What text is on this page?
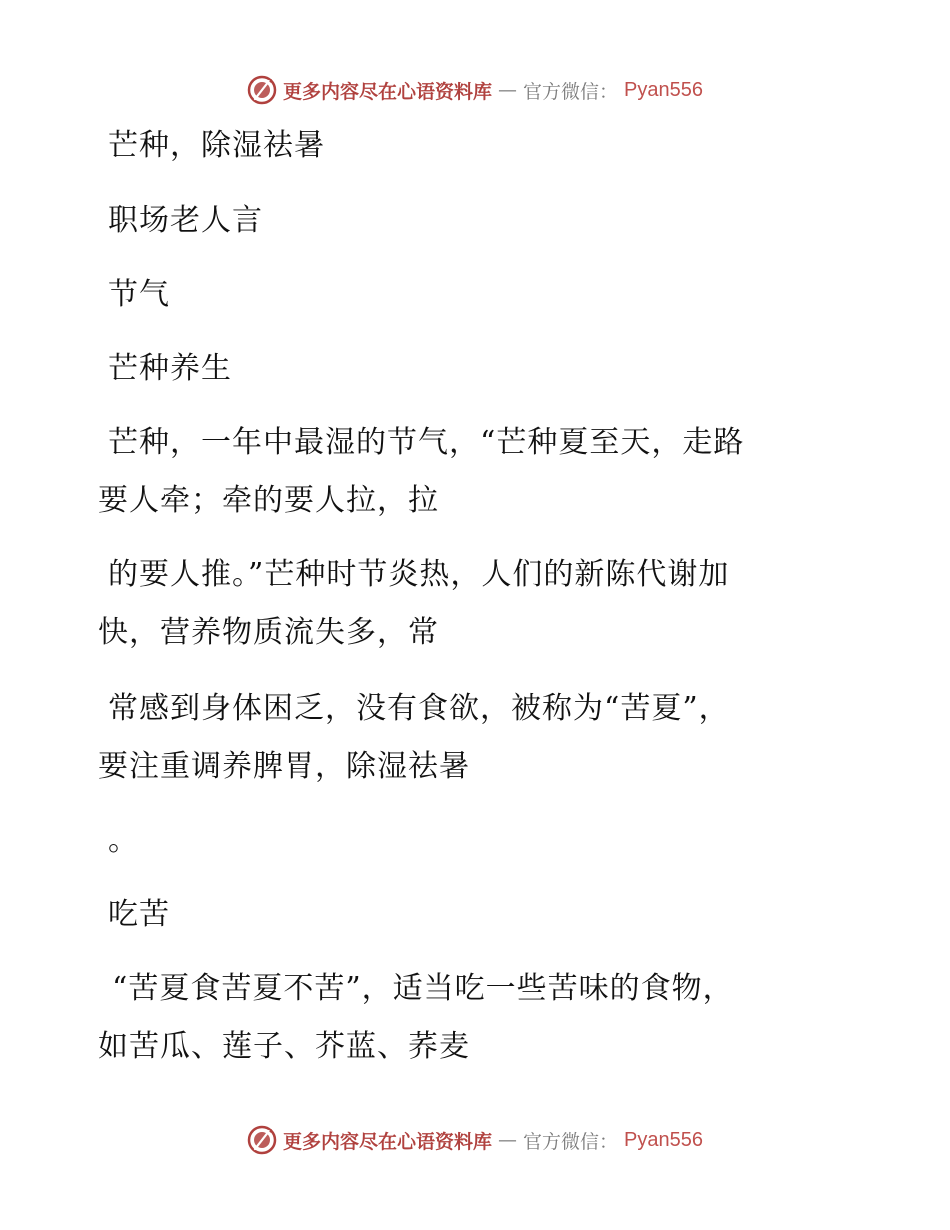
更多内容尽在心语资料库 — 官方微信： Pyan556
芒种，除湿祛暑
职场老人言
节气
芒种养生
芒种，一年中最湿的节气，“芒种夏至天，走路
要人牵；牵的要人拉，拉
的要人推。”芒种时节炎热，人们的新陈代谢加
快，营养物质流失多，常
常感到身体困乏，没有食欲，被称为“苦夏”，
要注重调养脾胃，除湿祛暑
。
吃苦
“苦夏食苦夏不苦”，适当吃一些苦味的食物，
如苦瓜、莲子、芥蓝、荞麦
更多内容尽在心语资料库 — 官方微信： Pyan556
